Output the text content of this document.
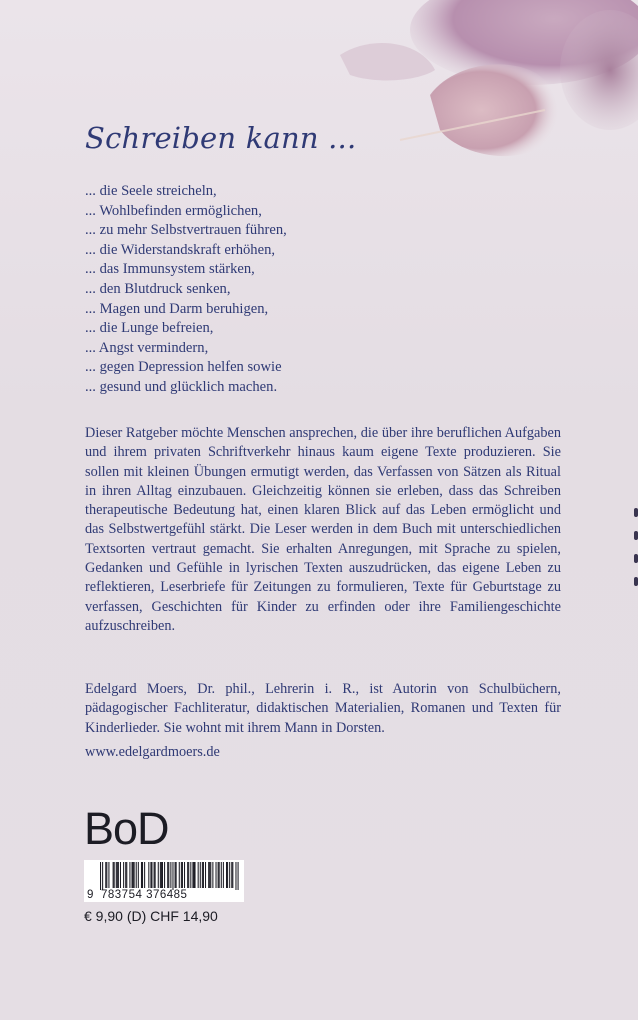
Schreiben kann ...
... die Seele streicheln,
... Wohlbefinden ermöglichen,
... zu mehr Selbstvertrauen führen,
... die Widerstandskraft erhöhen,
... das Immunsystem stärken,
... den Blutdruck senken,
... Magen und Darm beruhigen,
... die Lunge befreien,
... Angst vermindern,
... gegen Depression helfen sowie
... gesund und glücklich machen.

Dieser Ratgeber möchte Menschen ansprechen, die über ihre beruflichen Aufgaben und ihrem privaten Schriftverkehr hinaus kaum eigene Texte produzieren. Sie sollen mit kleinen Übungen ermutigt werden, das Verfassen von Sätzen als Ritual in ihren Alltag einzubauen. Gleichzeitig können sie erleben, dass das Schreiben therapeutische Bedeutung hat, einen klaren Blick auf das Leben ermöglicht und das Selbstwertgefühl stärkt. Die Leser werden in dem Buch mit unterschiedlichen Textsorten vertraut gemacht. Sie erhalten Anregungen, mit Sprache zu spielen, Gedanken und Gefühle in lyrischen Texten auszudrücken, das eigene Leben zu reflektieren, Leserbriefe für Zeitungen zu formulieren, Texte für Geburtstage zu verfassen, Geschichten für Kinder zu erfinden oder ihre Familiengeschichte aufzuschreiben.

Edelgard Moers, Dr. phil., Lehrerin i. R., ist Autorin von Schulbüchern, pädagogischer Fachliteratur, didaktischen Materialien, Romanen und Texten für Kinderlieder. Sie wohnt mit ihrem Mann in Dorsten.

www.edelgardmoers.de
BoD
9 783754 376485
€ 9,90 (D) CHF 14,90
